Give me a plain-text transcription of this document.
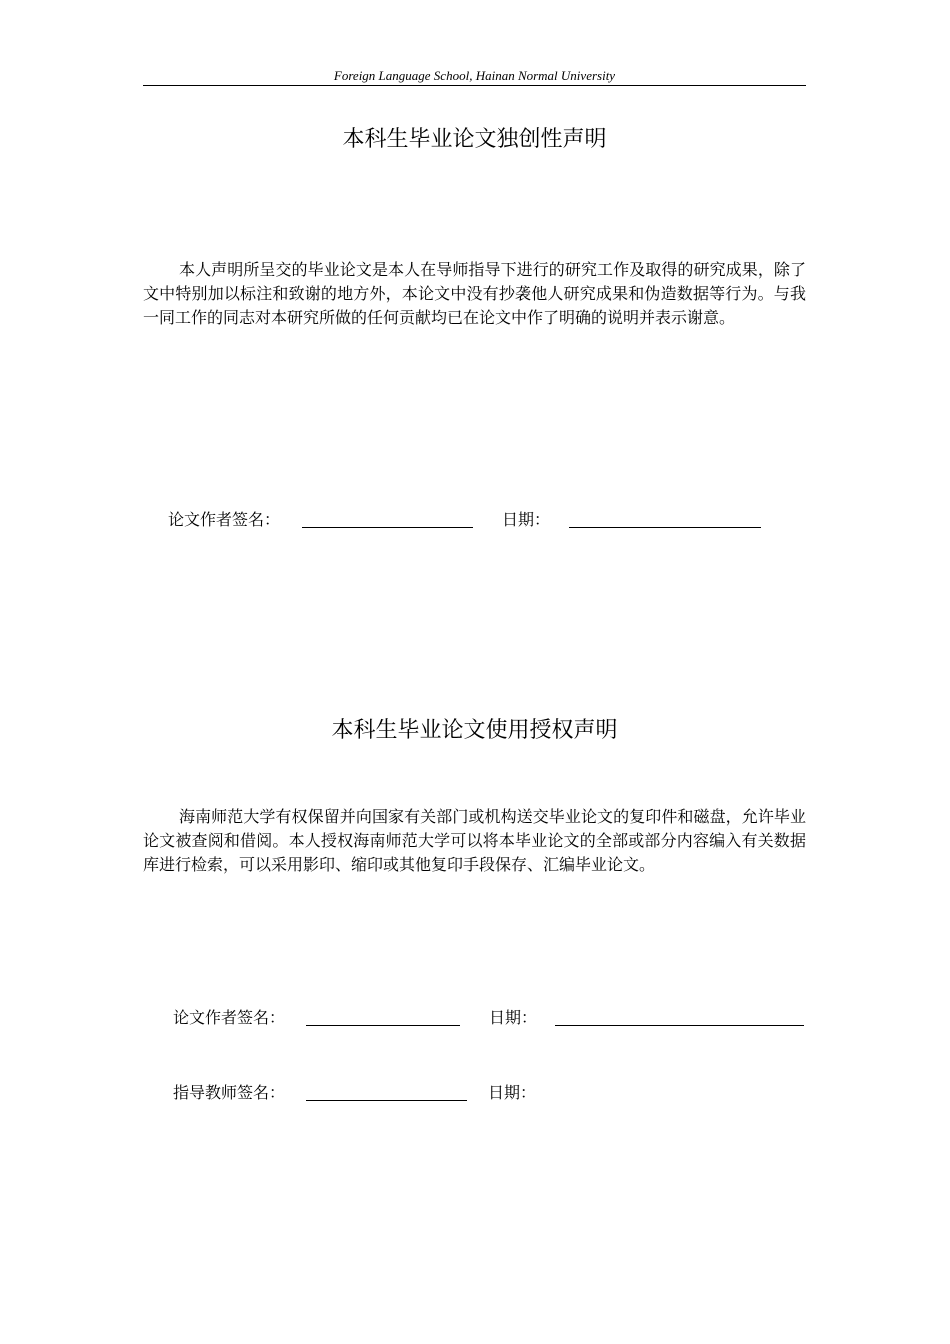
Foreign Language School, Hainan Normal University
本科生毕业论文独创性声明

本人声明所呈交的毕业论文是本人在导师指导下进行的研究工作及取得的研究成果，除了文中特别加以标注和致谢的地方外，本论文中没有抄袭他人研究成果和伪造数据等行为。与我一同工作的同志对本研究所做的任何贡献均已在论文中作了明确的说明并表示谢意。

论文作者签名：	日期：
本科生毕业论文使用授权声明

海南师范大学有权保留并向国家有关部门或机构送交毕业论文的复印件和磁盘，允许毕业论文被查阅和借阅。本人授权海南师范大学可以将本毕业论文的全部或部分内容编入有关数据库进行检索，可以采用影印、缩印或其他复印手段保存、汇编毕业论文。

论文作者签名：	日期：
指导教师签名：	日期：
